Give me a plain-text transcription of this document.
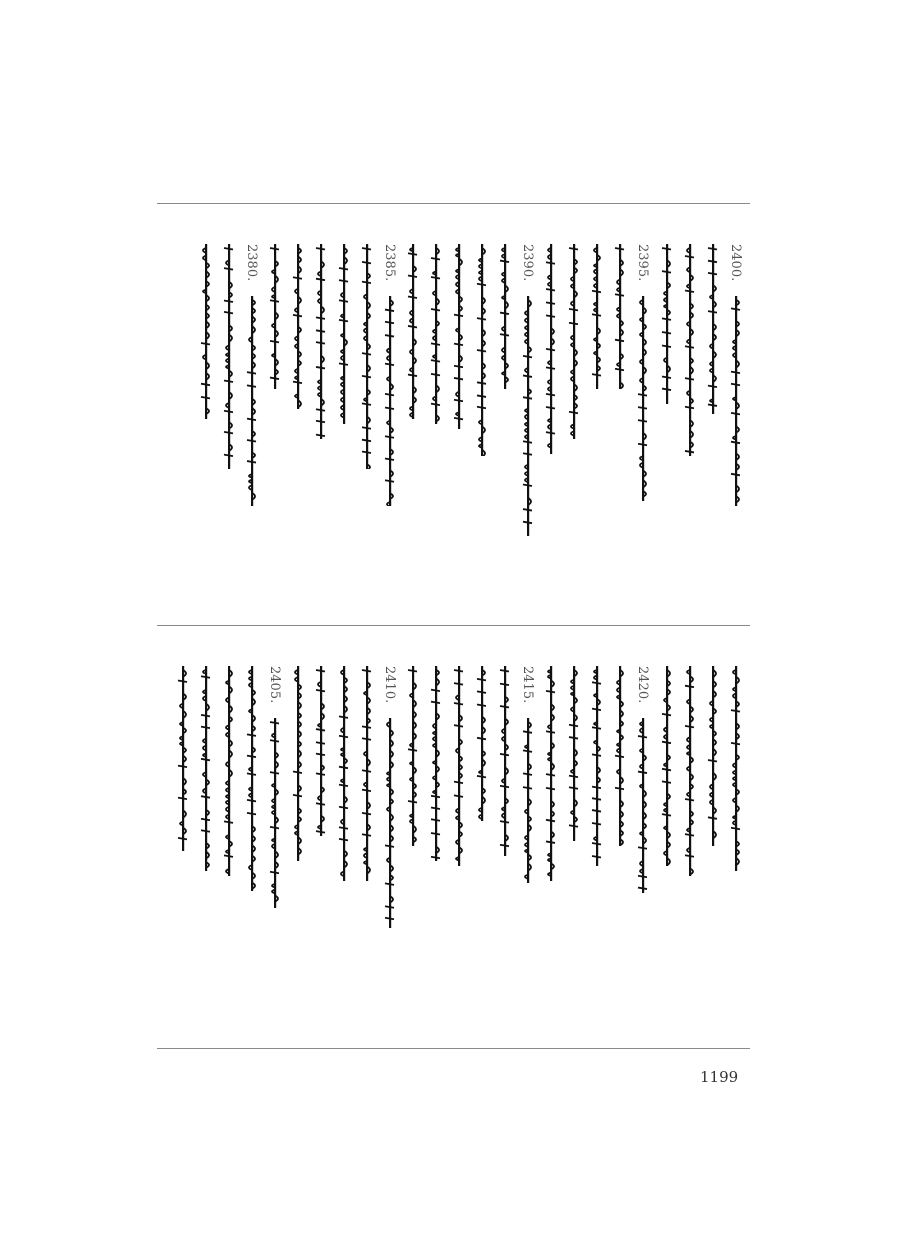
2400.
2395.
2390.
2385.
2380.
2420.
2415.
2410.
2405.
1199
